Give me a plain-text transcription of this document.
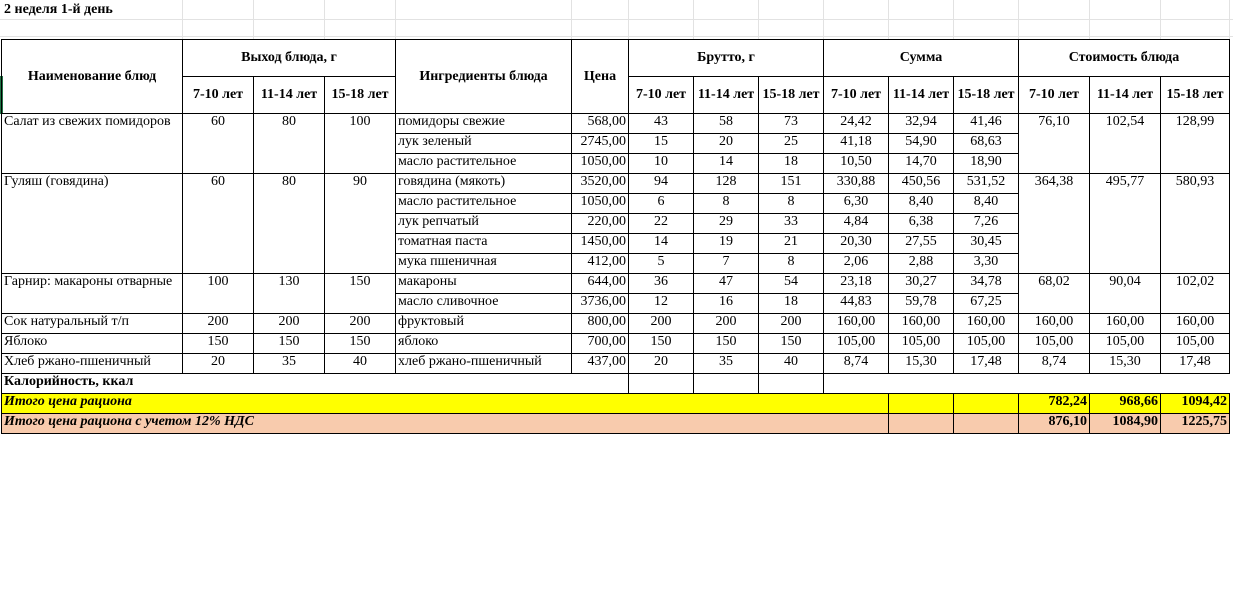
2 неделя 1-й день
Наименование блюд	Выход блюда, г			Ингредиенты блюда	Цена	Брутто, г			Сумма			Стоимость блюда		
	7-10 лет	11-14 лет	15-18 лет			7-10 лет	11-14 лет	15-18 лет	7-10 лет	11-14 лет	15-18 лет	7-10 лет	11-14 лет	15-18 лет
Салат из свежих помидоров	60	80	100	помидоры свежие	568,00	43	58	73	24,42	32,94	41,46	76,10	102,54	128,99
				лук зеленый	2745,00	15	20	25	41,18	54,90	68,63			
				масло растительное	1050,00	10	14	18	10,50	14,70	18,90			
Гуляш (говядина)	60	80	90	говядина (мякоть)	3520,00	94	128	151	330,88	450,56	531,52	364,38	495,77	580,93
				масло растительное	1050,00	6	8	8	6,30	8,40	8,40			
				лук репчатый	220,00	22	29	33	4,84	6,38	7,26			
				томатная паста	1450,00	14	19	21	20,30	27,55	30,45			
				мука пшеничная	412,00	5	7	8	2,06	2,88	3,30			
Гарнир: макароны отварные	100	130	150	макароны	644,00	36	47	54	23,18	30,27	34,78	68,02	90,04	102,02
				масло сливочное	3736,00	12	16	18	44,83	59,78	67,25			
Сок натуральный т/п	200	200	200	фруктовый	800,00	200	200	200	160,00	160,00	160,00	160,00	160,00	160,00
Яблоко	150	150	150	яблоко	700,00	150	150	150	105,00	105,00	105,00	105,00	105,00	105,00
Хлеб ржано-пшеничный	20	35	40	хлеб ржано-пшеничный	437,00	20	35	40	8,74	15,30	17,48	8,74	15,30	17,48
Калорийность, ккал														
Итого цена рациона												782,24	968,66	1094,42
Итого цена рациона с учетом 12% НДС												876,10	1084,90	1225,75
